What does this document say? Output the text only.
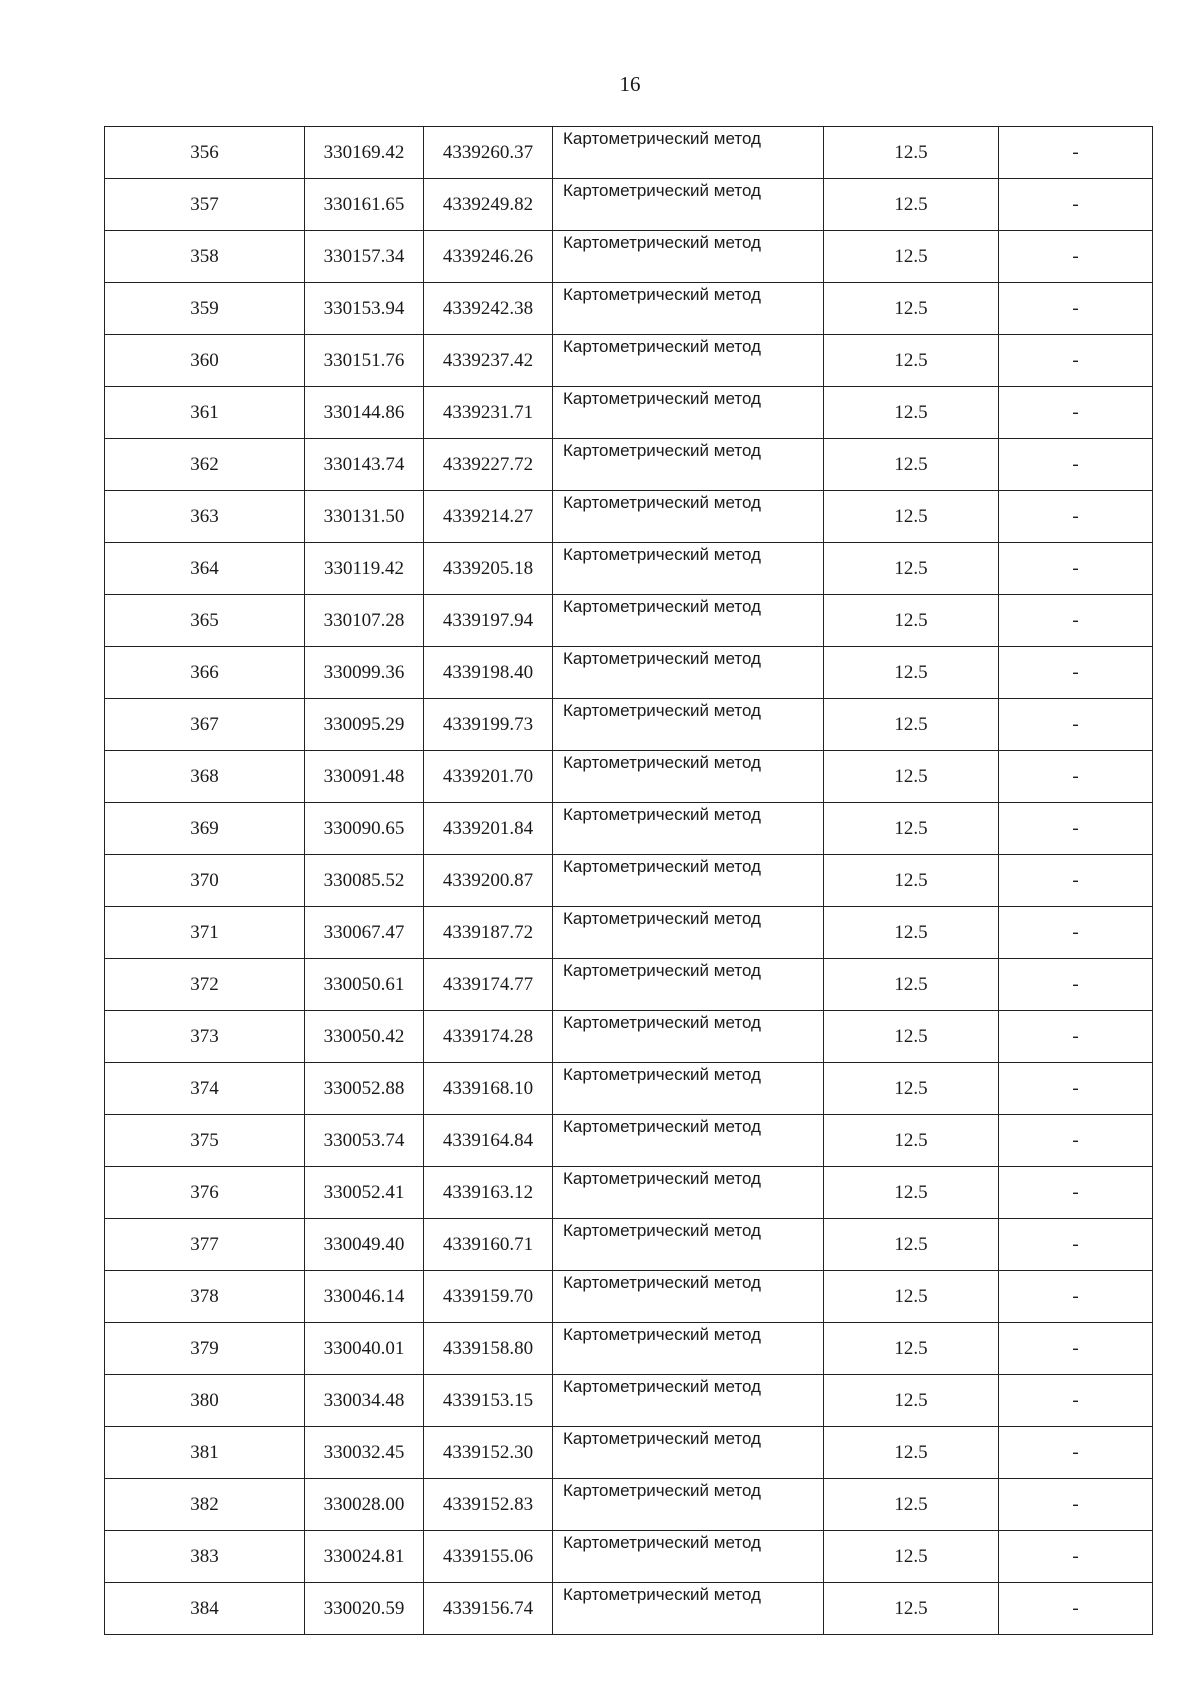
16
356	330169.42	4339260.37	Картометрический метод	12.5	-
357	330161.65	4339249.82	Картометрический метод	12.5	-
358	330157.34	4339246.26	Картометрический метод	12.5	-
359	330153.94	4339242.38	Картометрический метод	12.5	-
360	330151.76	4339237.42	Картометрический метод	12.5	-
361	330144.86	4339231.71	Картометрический метод	12.5	-
362	330143.74	4339227.72	Картометрический метод	12.5	-
363	330131.50	4339214.27	Картометрический метод	12.5	-
364	330119.42	4339205.18	Картометрический метод	12.5	-
365	330107.28	4339197.94	Картометрический метод	12.5	-
366	330099.36	4339198.40	Картометрический метод	12.5	-
367	330095.29	4339199.73	Картометрический метод	12.5	-
368	330091.48	4339201.70	Картометрический метод	12.5	-
369	330090.65	4339201.84	Картометрический метод	12.5	-
370	330085.52	4339200.87	Картометрический метод	12.5	-
371	330067.47	4339187.72	Картометрический метод	12.5	-
372	330050.61	4339174.77	Картометрический метод	12.5	-
373	330050.42	4339174.28	Картометрический метод	12.5	-
374	330052.88	4339168.10	Картометрический метод	12.5	-
375	330053.74	4339164.84	Картометрический метод	12.5	-
376	330052.41	4339163.12	Картометрический метод	12.5	-
377	330049.40	4339160.71	Картометрический метод	12.5	-
378	330046.14	4339159.70	Картометрический метод	12.5	-
379	330040.01	4339158.80	Картометрический метод	12.5	-
380	330034.48	4339153.15	Картометрический метод	12.5	-
381	330032.45	4339152.30	Картометрический метод	12.5	-
382	330028.00	4339152.83	Картометрический метод	12.5	-
383	330024.81	4339155.06	Картометрический метод	12.5	-
384	330020.59	4339156.74	Картометрический метод	12.5	-
